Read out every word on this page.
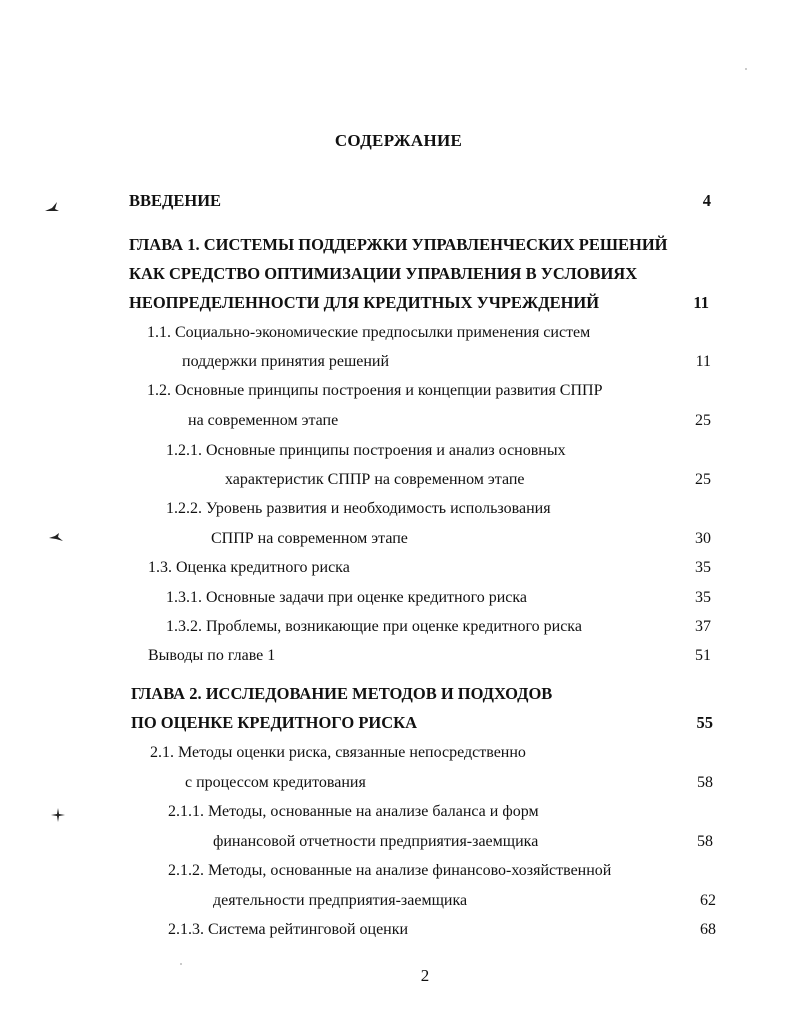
СОДЕРЖАНИЕ
ВВЕДЕНИЕ	4
ГЛАВА 1. СИСТЕМЫ ПОДДЕРЖКИ УПРАВЛЕНЧЕСКИХ РЕШЕНИЙ
КАК СРЕДСТВО ОПТИМИЗАЦИИ УПРАВЛЕНИЯ В УСЛОВИЯХ
НЕОПРЕДЕЛЕННОСТИ ДЛЯ КРЕДИТНЫХ УЧРЕЖДЕНИЙ	11
1.1. Социально-экономические предпосылки применения систем
поддержки принятия решений	11
1.2. Основные принципы построения и концепции развития СППР
на современном этапе	25
1.2.1. Основные принципы построения и анализ основных
характеристик СППР на современном этапе	25
1.2.2. Уровень развития и необходимость использования
СППР на современном этапе	30
1.3. Оценка кредитного риска	35
1.3.1. Основные задачи при оценке кредитного риска	35
1.3.2. Проблемы, возникающие при оценке кредитного риска	37
Выводы по главе 1	51
ГЛАВА 2. ИССЛЕДОВАНИЕ МЕТОДОВ И ПОДХОДОВ
ПО ОЦЕНКЕ КРЕДИТНОГО РИСКА	55
2.1. Методы оценки риска, связанные непосредственно
с процессом кредитования	58
2.1.1. Методы, основанные на анализе баланса и форм
финансовой отчетности предприятия-заемщика	58
2.1.2. Методы, основанные на анализе финансово-хозяйственной
деятельности предприятия-заемщика	62
2.1.3. Система рейтинговой оценки	68
2
